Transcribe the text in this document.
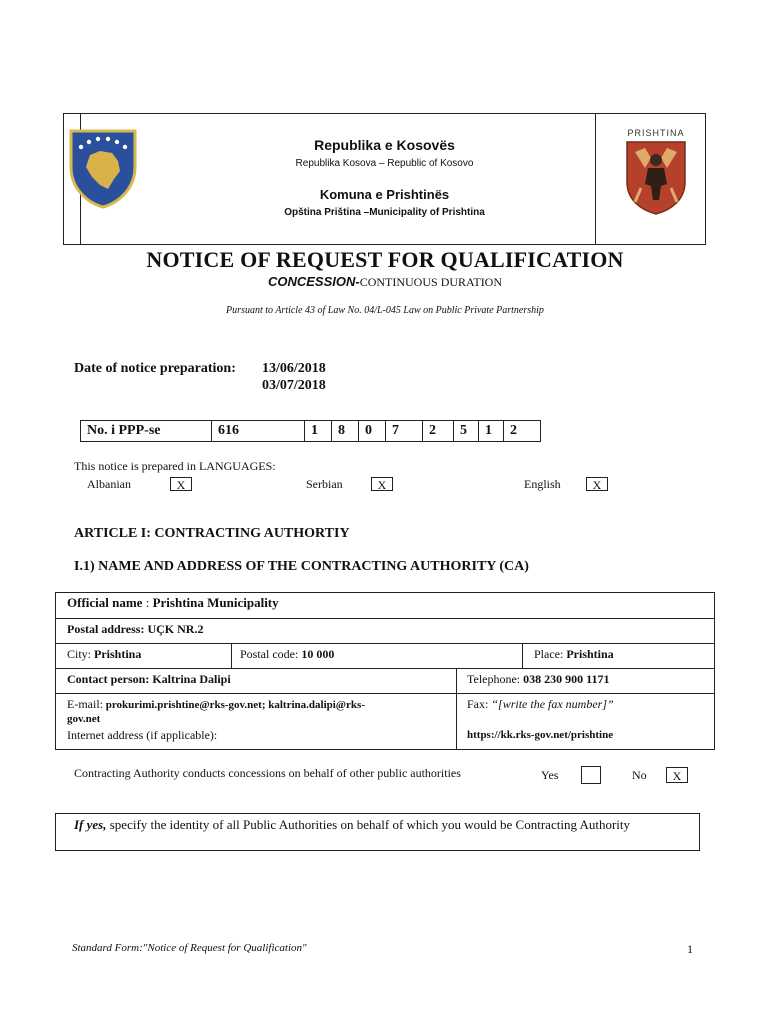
Republika e Kosovës
Republika Kosova – Republic of Kosovo
Komuna e Prishtinës
Opština Priština –Municipality of Prishtina
PRISHTINA
NOTICE OF REQUEST FOR QUALIFICATION
CONCESSION-CONTINUOUS DURATION
Pursuant to Article 43 of Law No. 04/L-045 Law on Public Private Partnership
Date of notice preparation: 13/06/2018
03/07/2018
No. i PPP-se	616	1	8	0	7	2	5	1	2
This notice is prepared in LANGUAGES:
Albanian	X	Serbian	X	English	X
ARTICLE I: CONTRACTING AUTHORTIY
I.1) NAME AND ADDRESS OF THE CONTRACTING AUTHORITY (CA)
Official name : Prishtina Municipality
Postal address: UÇK NR.2
City: Prishtina	Postal code: 10 000	Place: Prishtina
Contact person: Kaltrina Dalipi	Telephone: 038 230 900 1171
E-mail: prokurimi.prishtine@rks-gov.net; kaltrina.dalipi@rks-
gov.net
Fax: “[write the fax number]”
Internet address (if applicable):	https://kk.rks-gov.net/prishtine
Contracting Authority conducts concessions on behalf of other public authorities	Yes	No	X
If yes, specify the identity of all Public Authorities on behalf of which you would be Contracting Authority
Standard Form:"Notice of Request for Qualification"	1
